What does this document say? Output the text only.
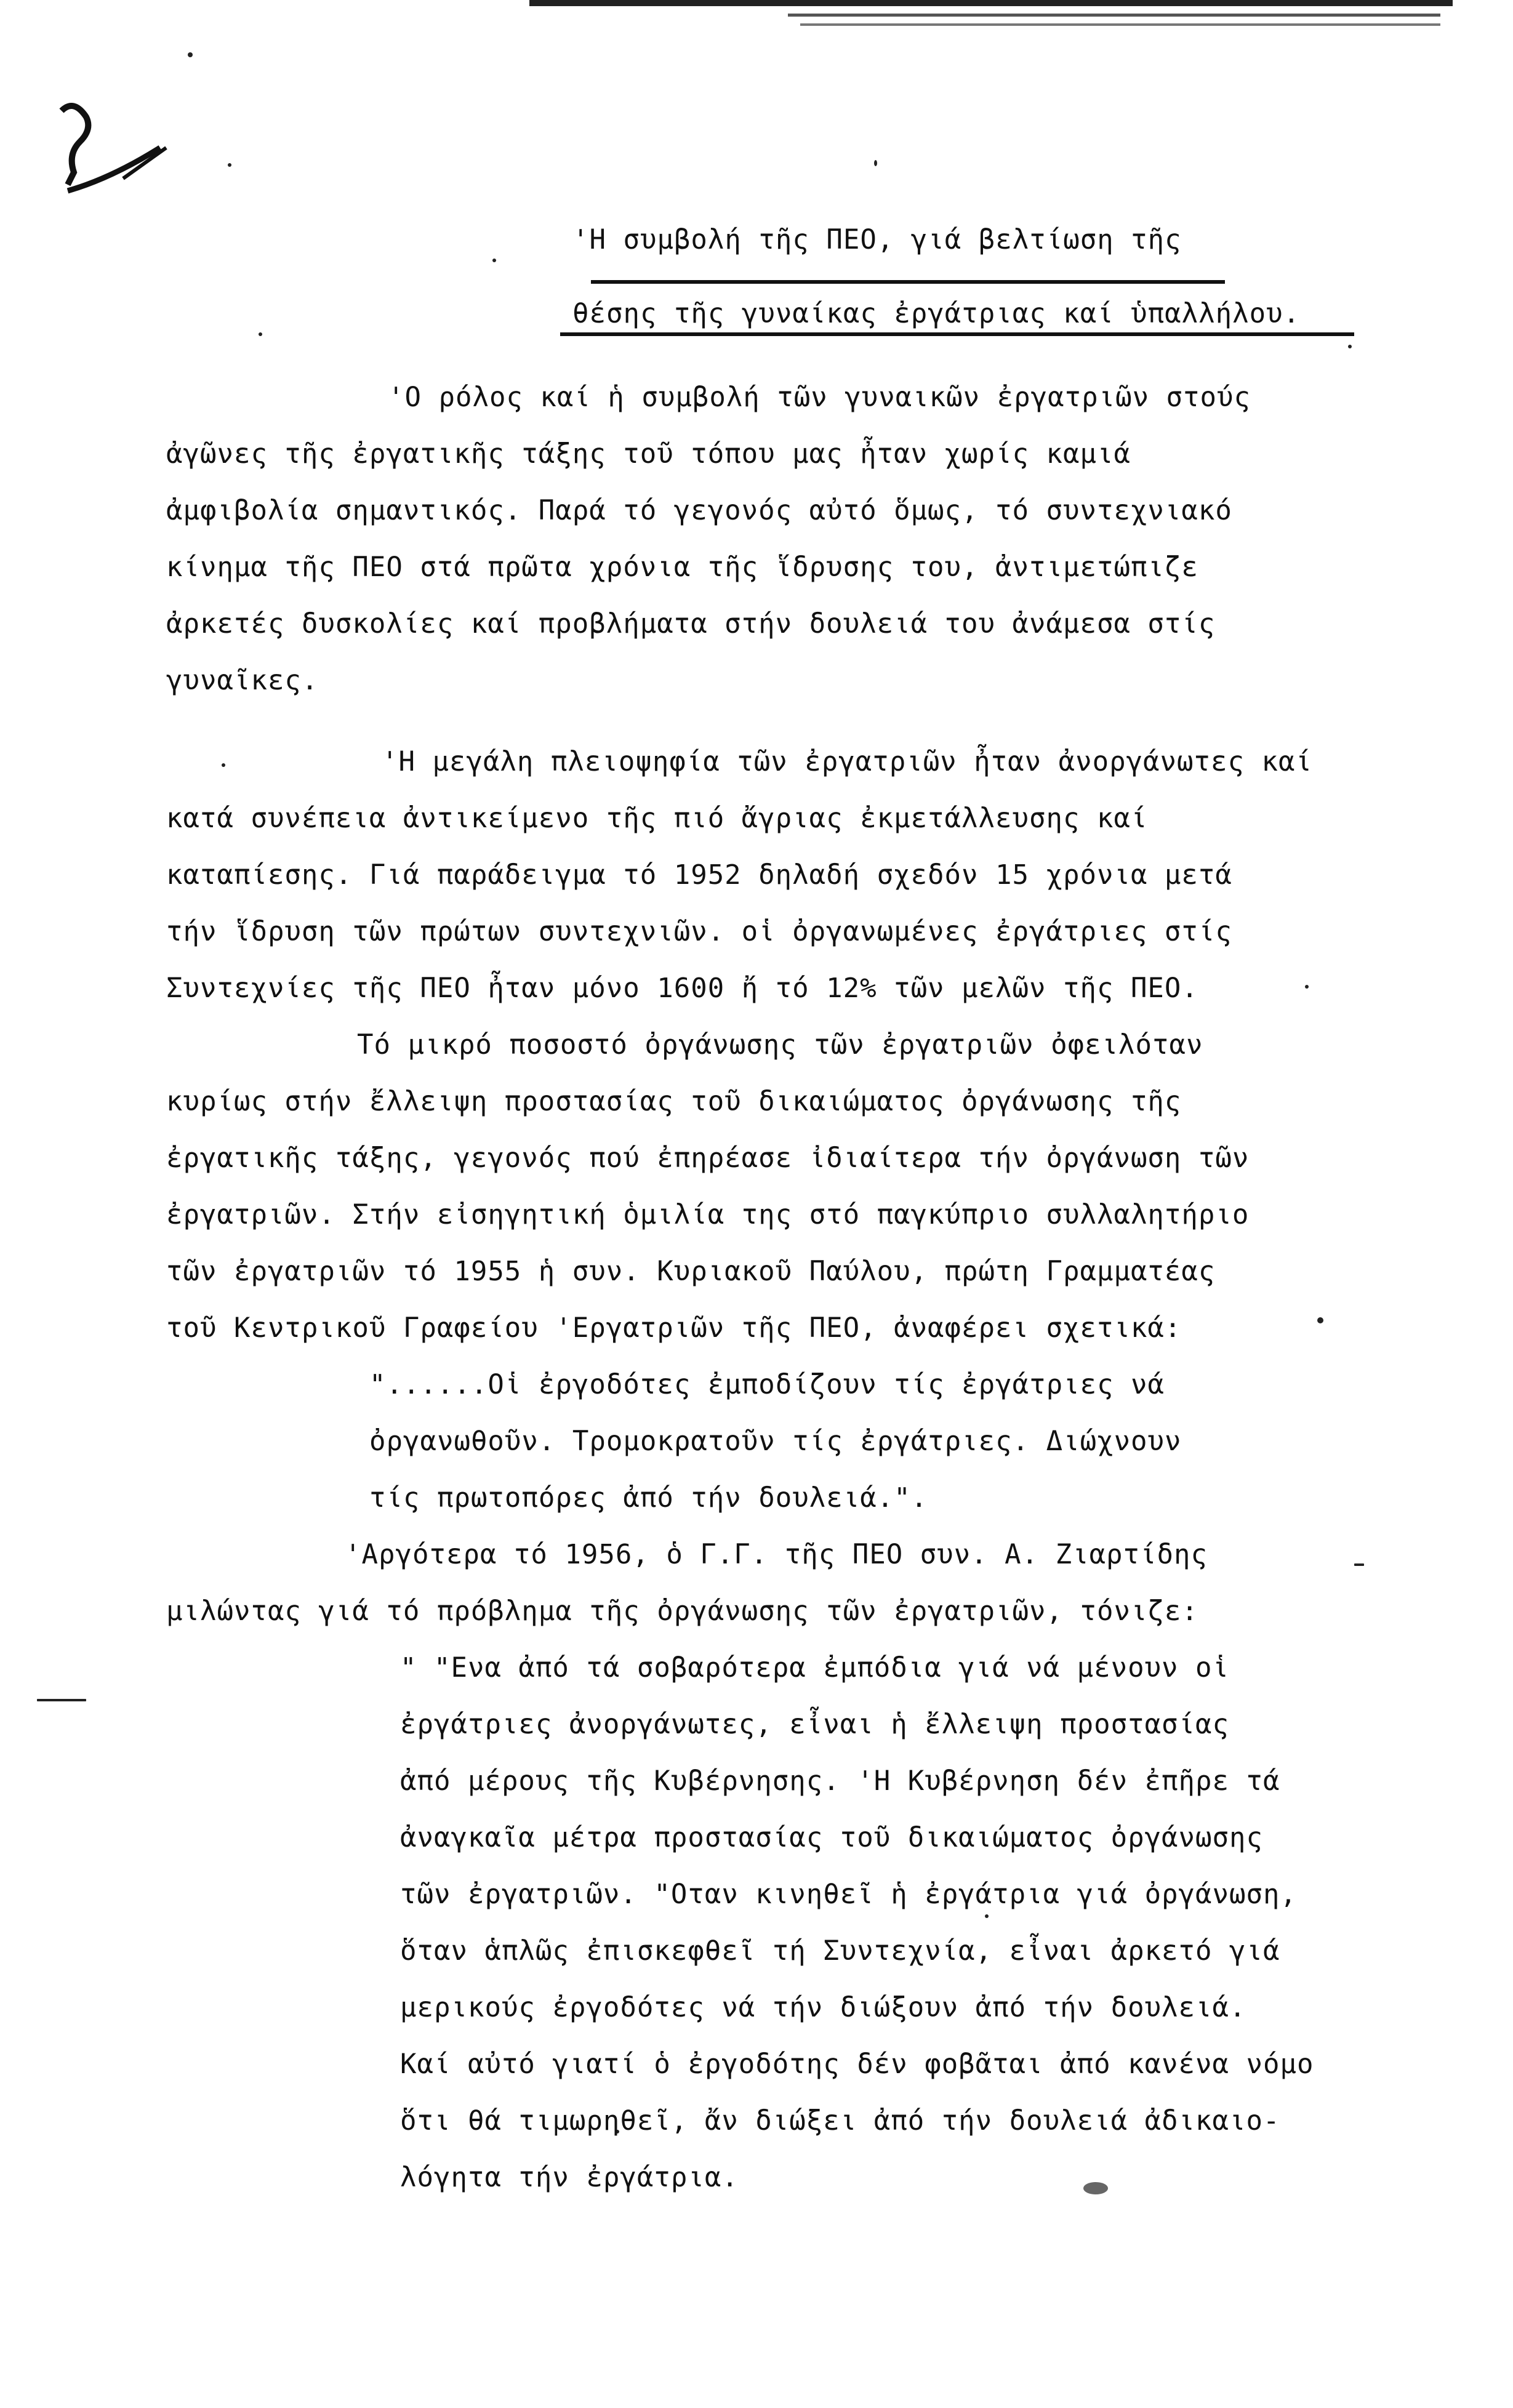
'Η συμβολή τῆς ΠΕΟ, γιά βελτίωση τῆς
θέσης τῆς γυναίκας ἐργάτριας καί ὑπαλλήλου.
'Ο ρόλος καί ἡ συμβολή τῶν γυναικῶν ἐργατριῶν στούς
ἀγῶνες τῆς ἐργατικῆς τάξης τοῦ τόπου μας ἦταν χωρίς καμιά
ἀμφιβολία σημαντικός. Παρά τό γεγονός αὐτό ὅμως, τό συντεχνιακό
κίνημα τῆς ΠΕΟ στά πρῶτα χρόνια τῆς ἵδρυσης του, ἀντιμετώπιζε
ἀρκετές δυσκολίες καί προβλήματα στήν δουλειά του ἀνάμεσα στίς
γυναῖκες.
'Η μεγάλη πλειοψηφία τῶν ἐργατριῶν ἦταν ἀνοργάνωτες καί
κατά συνέπεια ἀντικείμενο τῆς πιό ἄγριας ἐκμετάλλευσης καί
καταπίεσης. Γιά παράδειγμα τό 1952 δηλαδή σχεδόν 15 χρόνια μετά
τήν ἵδρυση τῶν πρώτων συντεχνιῶν. οἱ ὀργανωμένες ἐργάτριες στίς
Συντεχνίες τῆς ΠΕΟ ἦταν μόνο 1600 ἤ τό 12% τῶν μελῶν τῆς ΠΕΟ.
Τό μικρό ποσοστό ὀργάνωσης τῶν ἐργατριῶν ὀφειλόταν
κυρίως στήν ἔλλειψη προστασίας τοῦ δικαιώματος ὀργάνωσης τῆς
ἐργατικῆς τάξης, γεγονός πού ἐπηρέασε ἰδιαίτερα τήν ὀργάνωση τῶν
ἐργατριῶν. Στήν εἰσηγητική ὁμιλία της στό παγκύπριο συλλαλητήριο
τῶν ἐργατριῶν τό 1955 ἡ συν. Κυριακοῦ Παύλου, πρώτη Γραμματέας
τοῦ Κεντρικοῦ Γραφείου 'Εργατριῶν τῆς ΠΕΟ, ἀναφέρει σχετικά:
"......Οἱ ἐργοδότες ἐμποδίζουν τίς ἐργάτριες νά
ὀργανωθοῦν. Τρομοκρατοῦν τίς ἐργάτριες. Διώχνουν
τίς πρωτοπόρες ἀπό τήν δουλειά.".
'Αργότερα τό 1956, ὁ Γ.Γ. τῆς ΠΕΟ συν. Α. Ζιαρτίδης
μιλώντας γιά τό πρόβλημα τῆς ὀργάνωσης τῶν ἐργατριῶν, τόνιζε:
" "Ενα ἀπό τά σοβαρότερα ἐμπόδια γιά νά μένουν οἱ
ἐργάτριες ἀνοργάνωτες, εἶναι ἡ ἔλλειψη προστασίας
ἀπό μέρους τῆς Κυβέρνησης. 'Η Κυβέρνηση δέν ἐπῆρε τά
ἀναγκαῖα μέτρα προστασίας τοῦ δικαιώματος ὀργάνωσης
τῶν ἐργατριῶν. "Οταν κινηθεῖ ἡ ἐργάτρια γιά ὀργάνωση,
ὅταν ἁπλῶς ἐπισκεφθεῖ τή Συντεχνία, εἶναι ἀρκετό γιά
μερικούς ἐργοδότες νά τήν διώξουν ἀπό τήν δουλειά.
Καί αὐτό γιατί ὁ ἐργοδότης δέν φοβᾶται ἀπό κανένα νόμο
ὅτι θά τιμωρηθεῖ, ἄν διώξει ἀπό τήν δουλειά ἀδικαιο-
λόγητα τήν ἐργάτρια.
